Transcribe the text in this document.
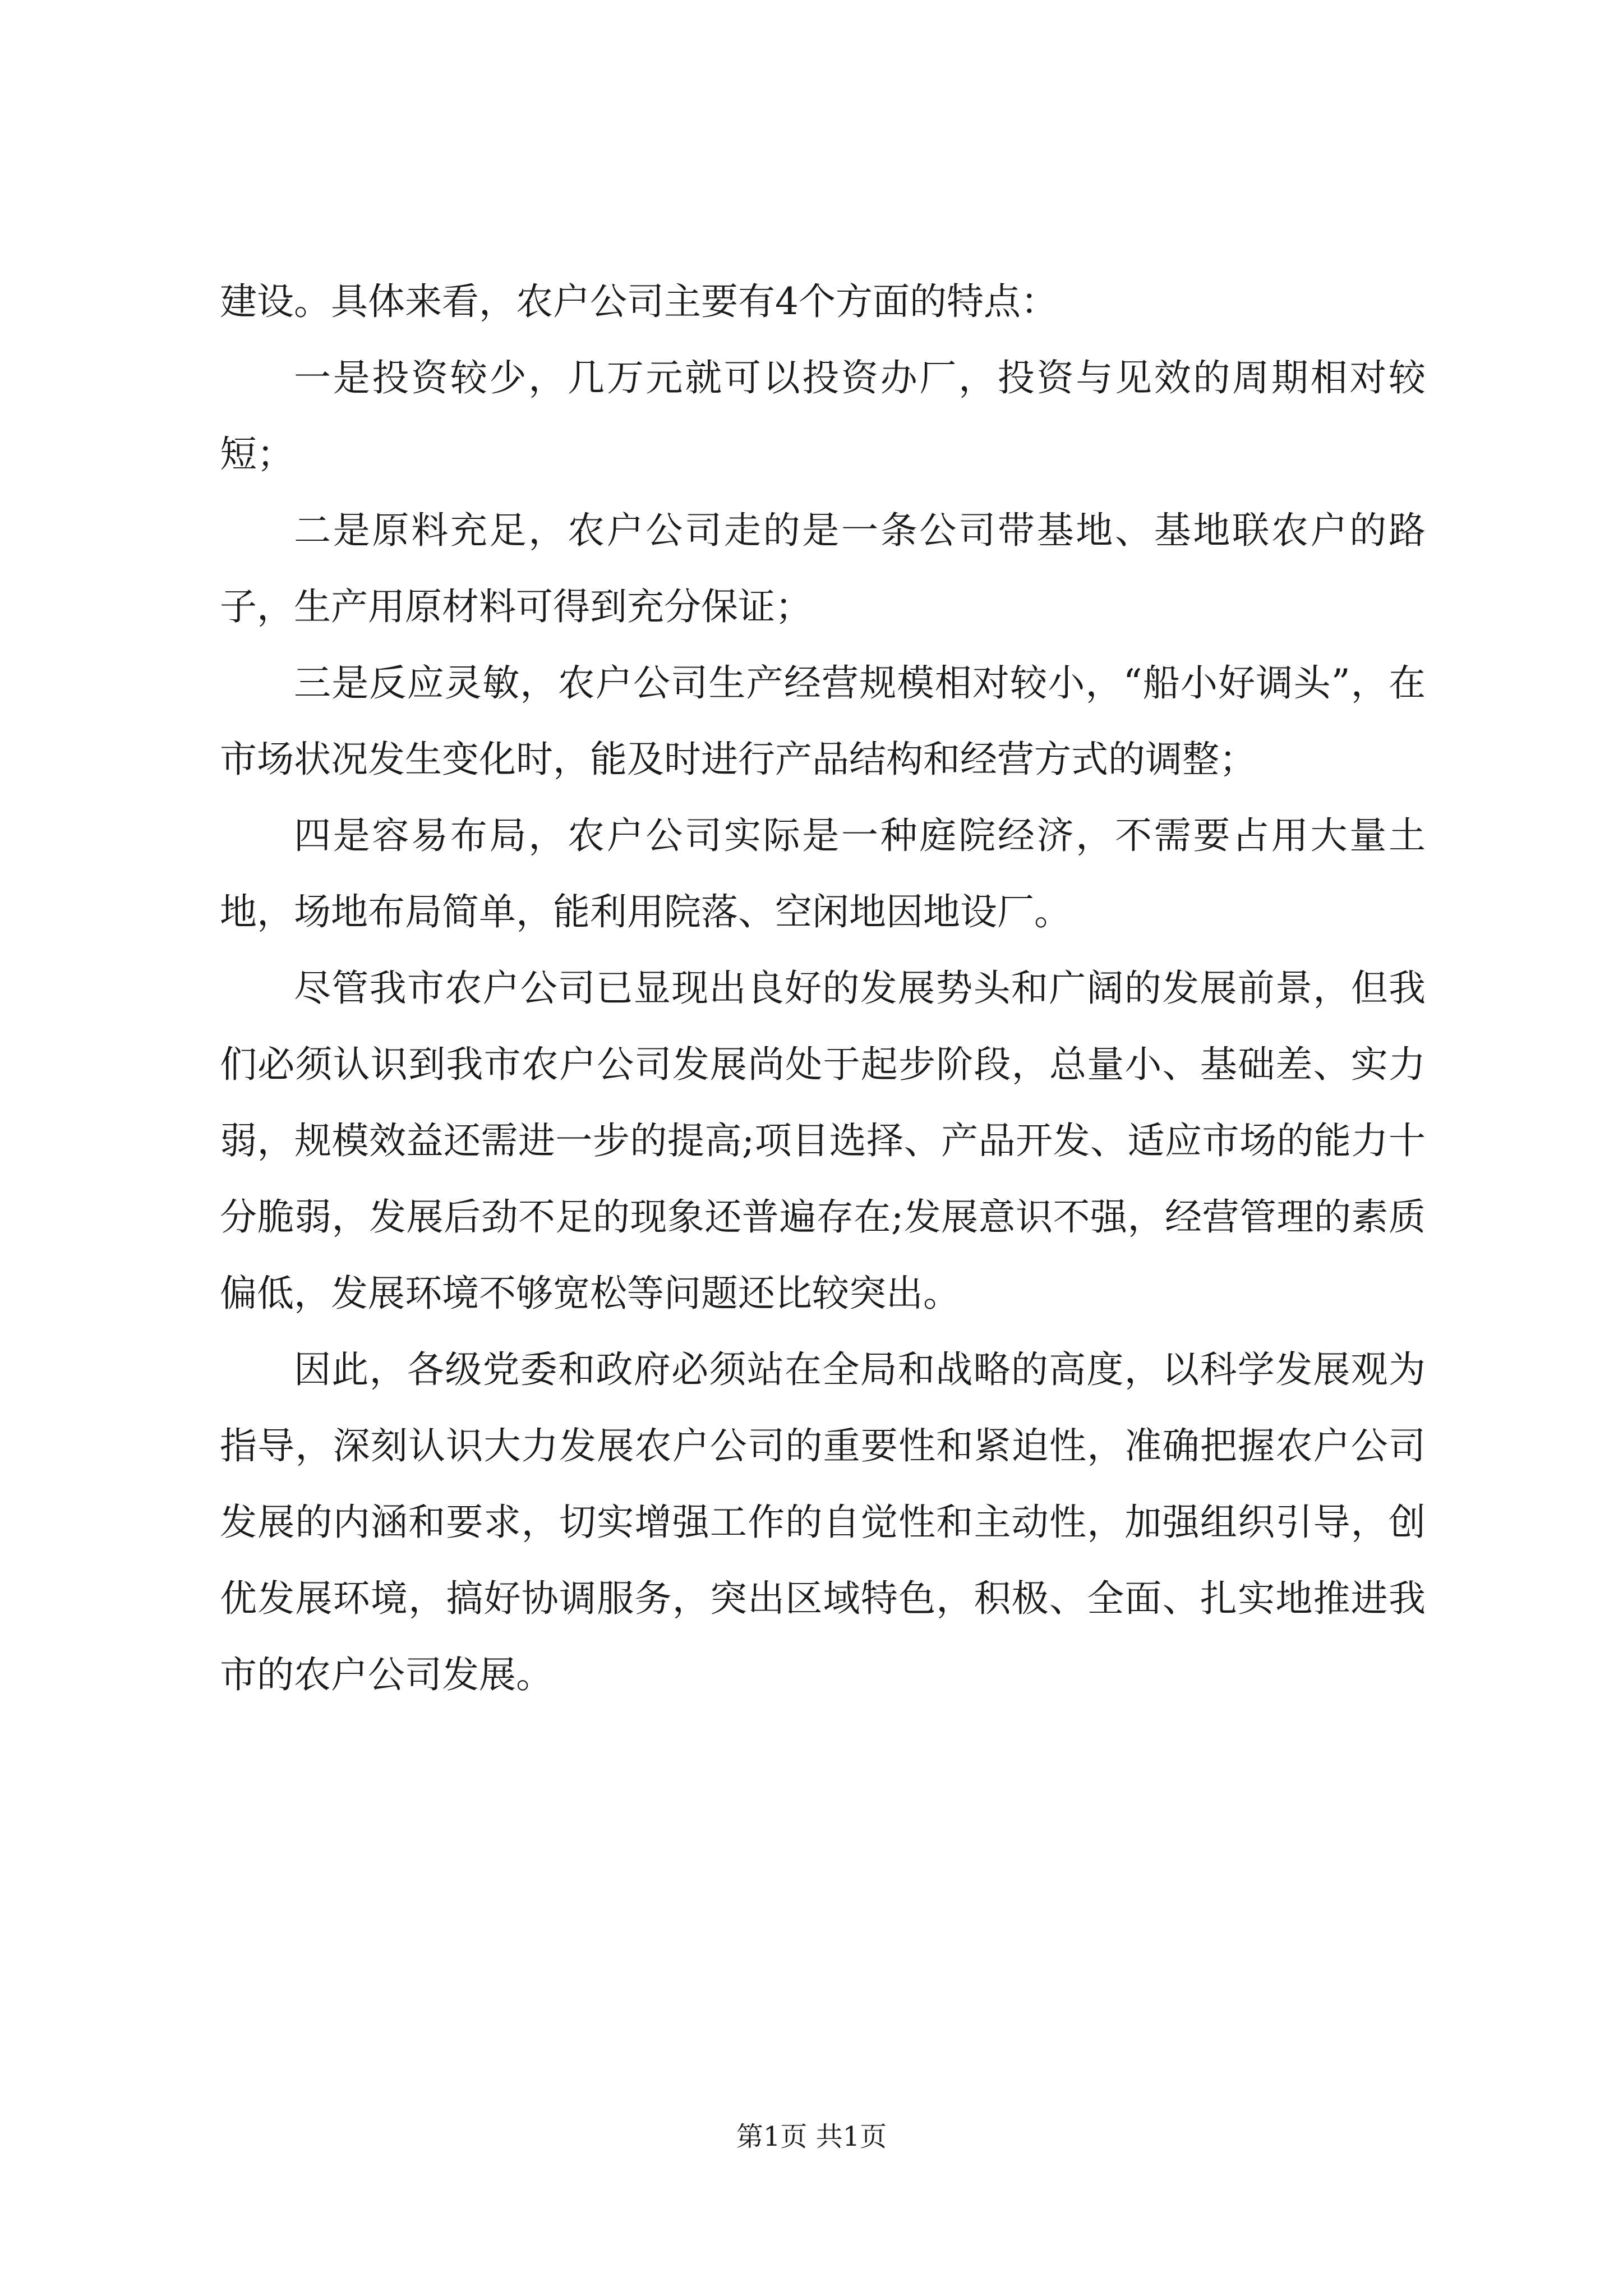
建设。具体来看，农户公司主要有4个方面的特点：

一是投资较少，几万元就可以投资办厂，投资与见效的周期相对较短；

二是原料充足，农户公司走的是一条公司带基地、基地联农户的路子，生产用原材料可得到充分保证；

三是反应灵敏，农户公司生产经营规模相对较小，“船小好调头”，在市场状况发生变化时，能及时进行产品结构和经营方式的调整；

四是容易布局，农户公司实际是一种庭院经济，不需要占用大量土地，场地布局简单，能利用院落、空闲地因地设厂。

尽管我市农户公司已显现出良好的发展势头和广阔的发展前景，但我们必须认识到我市农户公司发展尚处于起步阶段，总量小、基础差、实力弱，规模效益还需进一步的提高;项目选择、产品开发、适应市场的能力十分脆弱，发展后劲不足的现象还普遍存在;发展意识不强，经营管理的素质偏低，发展环境不够宽松等问题还比较突出。

因此，各级党委和政府必须站在全局和战略的高度，以科学发展观为指导，深刻认识大力发展农户公司的重要性和紧迫性，准确把握农户公司发展的内涵和要求，切实增强工作的自觉性和主动性，加强组织引导，创优发展环境，搞好协调服务，突出区域特色，积极、全面、扎实地推进我市的农户公司发展。

第1页 共1页
